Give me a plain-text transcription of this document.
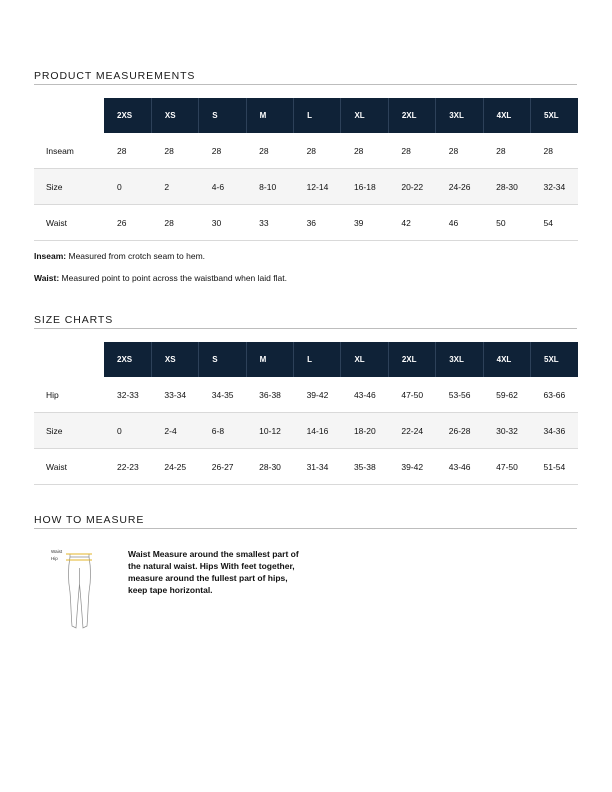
PRODUCT MEASUREMENTS
	2XS	XS	S	M	L	XL	2XL	3XL	4XL	5XL
Inseam	28	28	28	28	28	28	28	28	28	28
Size	0	2	4-6	8-10	12-14	16-18	20-22	24-26	28-30	32-34
Waist	26	28	30	33	36	39	42	46	50	54
Inseam: Measured from crotch seam to hem.
Waist: Measured point to point across the waistband when laid flat.
SIZE CHARTS
	2XS	XS	S	M	L	XL	2XL	3XL	4XL	5XL
Hip	32-33	33-34	34-35	36-38	39-42	43-46	47-50	53-56	59-62	63-66
Size	0	2-4	6-8	10-12	14-16	18-20	22-24	26-28	30-32	34-36
Waist	22-23	24-25	26-27	28-30	31-34	35-38	39-42	43-46	47-50	51-54
HOW TO MEASURE
Waist
Hip	Waist Measure around the smallest part of the natural waist. Hips With feet together, measure around the fullest part of hips, keep tape horizontal.
